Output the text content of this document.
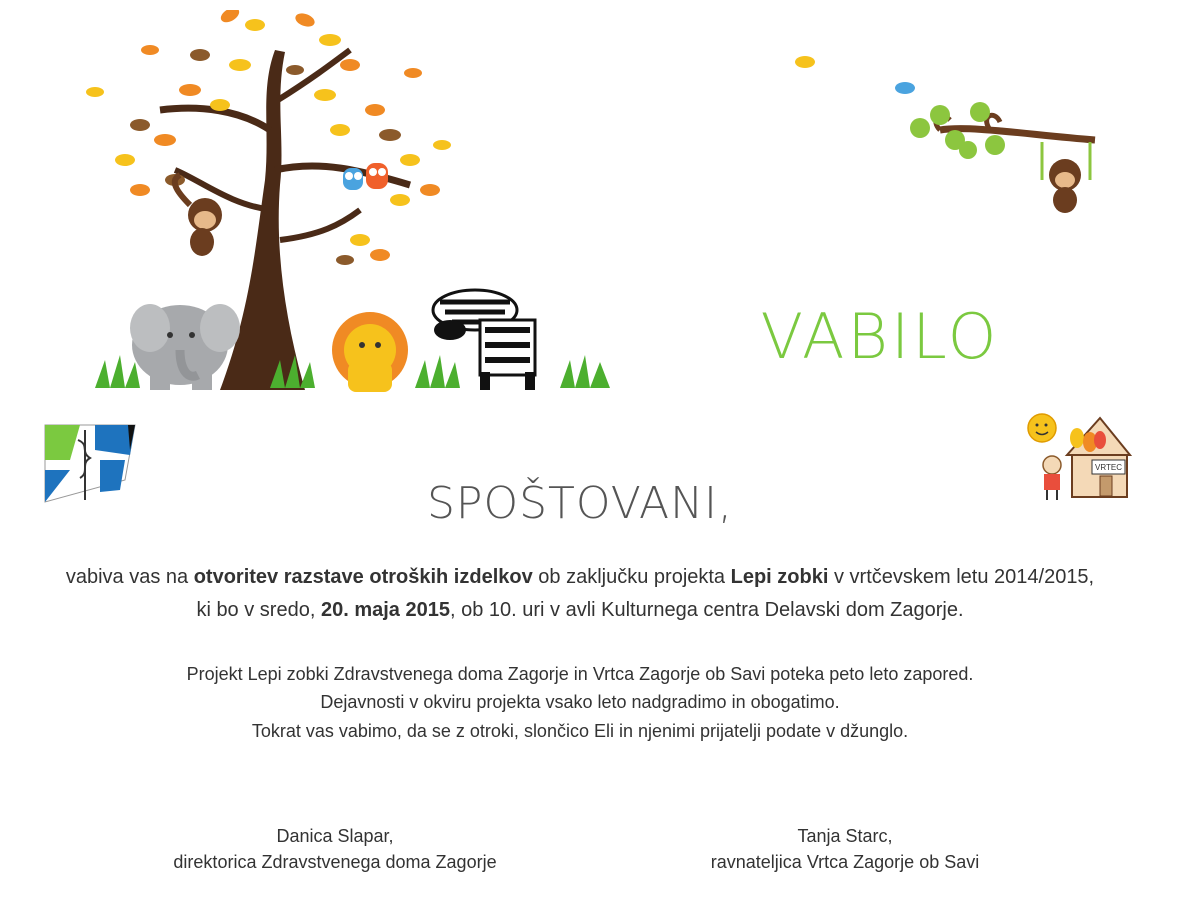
VABILO
VRTEC
SPOŠTOVANI,
vabiva vas na otvoritev razstave otroških izdelkov ob zaključku projekta Lepi zobki v vrtčevskem letu 2014/2015,
ki bo v sredo, 20. maja 2015, ob 10. uri v avli Kulturnega centra Delavski dom Zagorje.
Projekt Lepi zobki Zdravstvenega doma Zagorje in Vrtca Zagorje ob Savi poteka peto leto zapored.
Dejavnosti v okviru projekta vsako leto nadgradimo in obogatimo.
Tokrat vas vabimo, da se z otroki, slončico Eli in njenimi prijatelji podate v džunglo.
Danica Slapar,
direktorica Zdravstvenega doma Zagorje
Tanja Starc,
ravnateljica Vrtca Zagorje ob Savi
